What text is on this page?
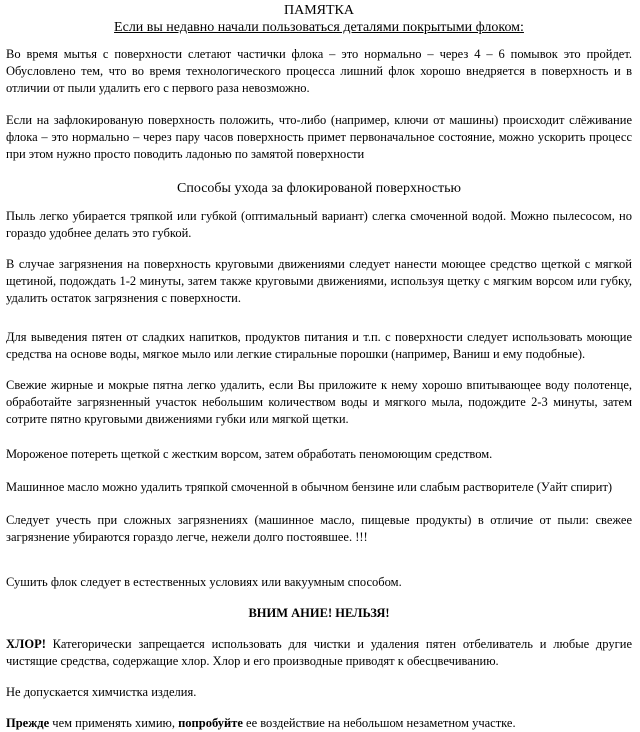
ПАМЯТКА
Если вы недавно начали пользоваться деталями покрытыми флоком:

Во время мытья с поверхности слетают частички флока – это нормально – через 4 – 6 помывок это пройдет. Обусловлено тем, что во время технологического процесса лишний флок хорошо внедряется в поверхность и в отличии от пыли удалить его с первого раза невозможно.

Если на зафлокированую поверхность положить, что-либо (например, ключи от машины) происходит слёживание флока – это нормально – через пару часов поверхность примет первоначальное состояние, можно ускорить процесс при этом нужно просто поводить ладонью по замятой поверхности

Способы ухода за флокированой поверхностью

Пыль легко убирается тряпкой или губкой (оптимальный вариант) слегка смоченной водой. Можно пылесосом, но гораздо удобнее делать это губкой.

В случае загрязнения на поверхность круговыми движениями следует нанести моющее средство щеткой с мягкой щетиной, подождать 1-2 минуты, затем также круговыми движениями, используя щетку с мягким ворсом или губку, удалить остаток загрязнения с поверхности.

Для выведения пятен от сладких напитков, продуктов питания и т.п. с поверхности следует использовать моющие средства на основе воды, мягкое мыло или легкие стиральные порошки (например, Ваниш и ему подобные).

Свежие жирные и мокрые пятна легко удалить, если Вы приложите к нему хорошо впитывающее воду полотенце, обработайте загрязненный участок небольшим количеством воды и мягкого мыла, подождите 2-3 минуты, затем сотрите пятно круговыми движениями губки или мягкой щетки.

Мороженое потереть щеткой с жестким ворсом, затем обработать пеномоющим средством.

Машинное масло можно удалить тряпкой смоченной в обычном бензине или слабым растворителе (Уайт спирит)

Следует учесть при сложных загрязнениях (машинное масло, пищевые продукты) в отличие от пыли: свежее загрязнение убираются гораздо легче, нежели долго постоявшее. !!!

Сушить флок следует в естественных условиях или вакуумным способом.

ВНИМ АНИЕ! НЕЛЬЗЯ!

ХЛОР! Категорически запрещается использовать для чистки и удаления пятен отбеливатель и любые другие чистящие средства, содержащие хлор. Хлор и его производные приводят к обесцвечиванию.

Не допускается химчистка изделия.

Прежде чем применять химию, попробуйте ее воздействие на небольшом незаметном участке.
